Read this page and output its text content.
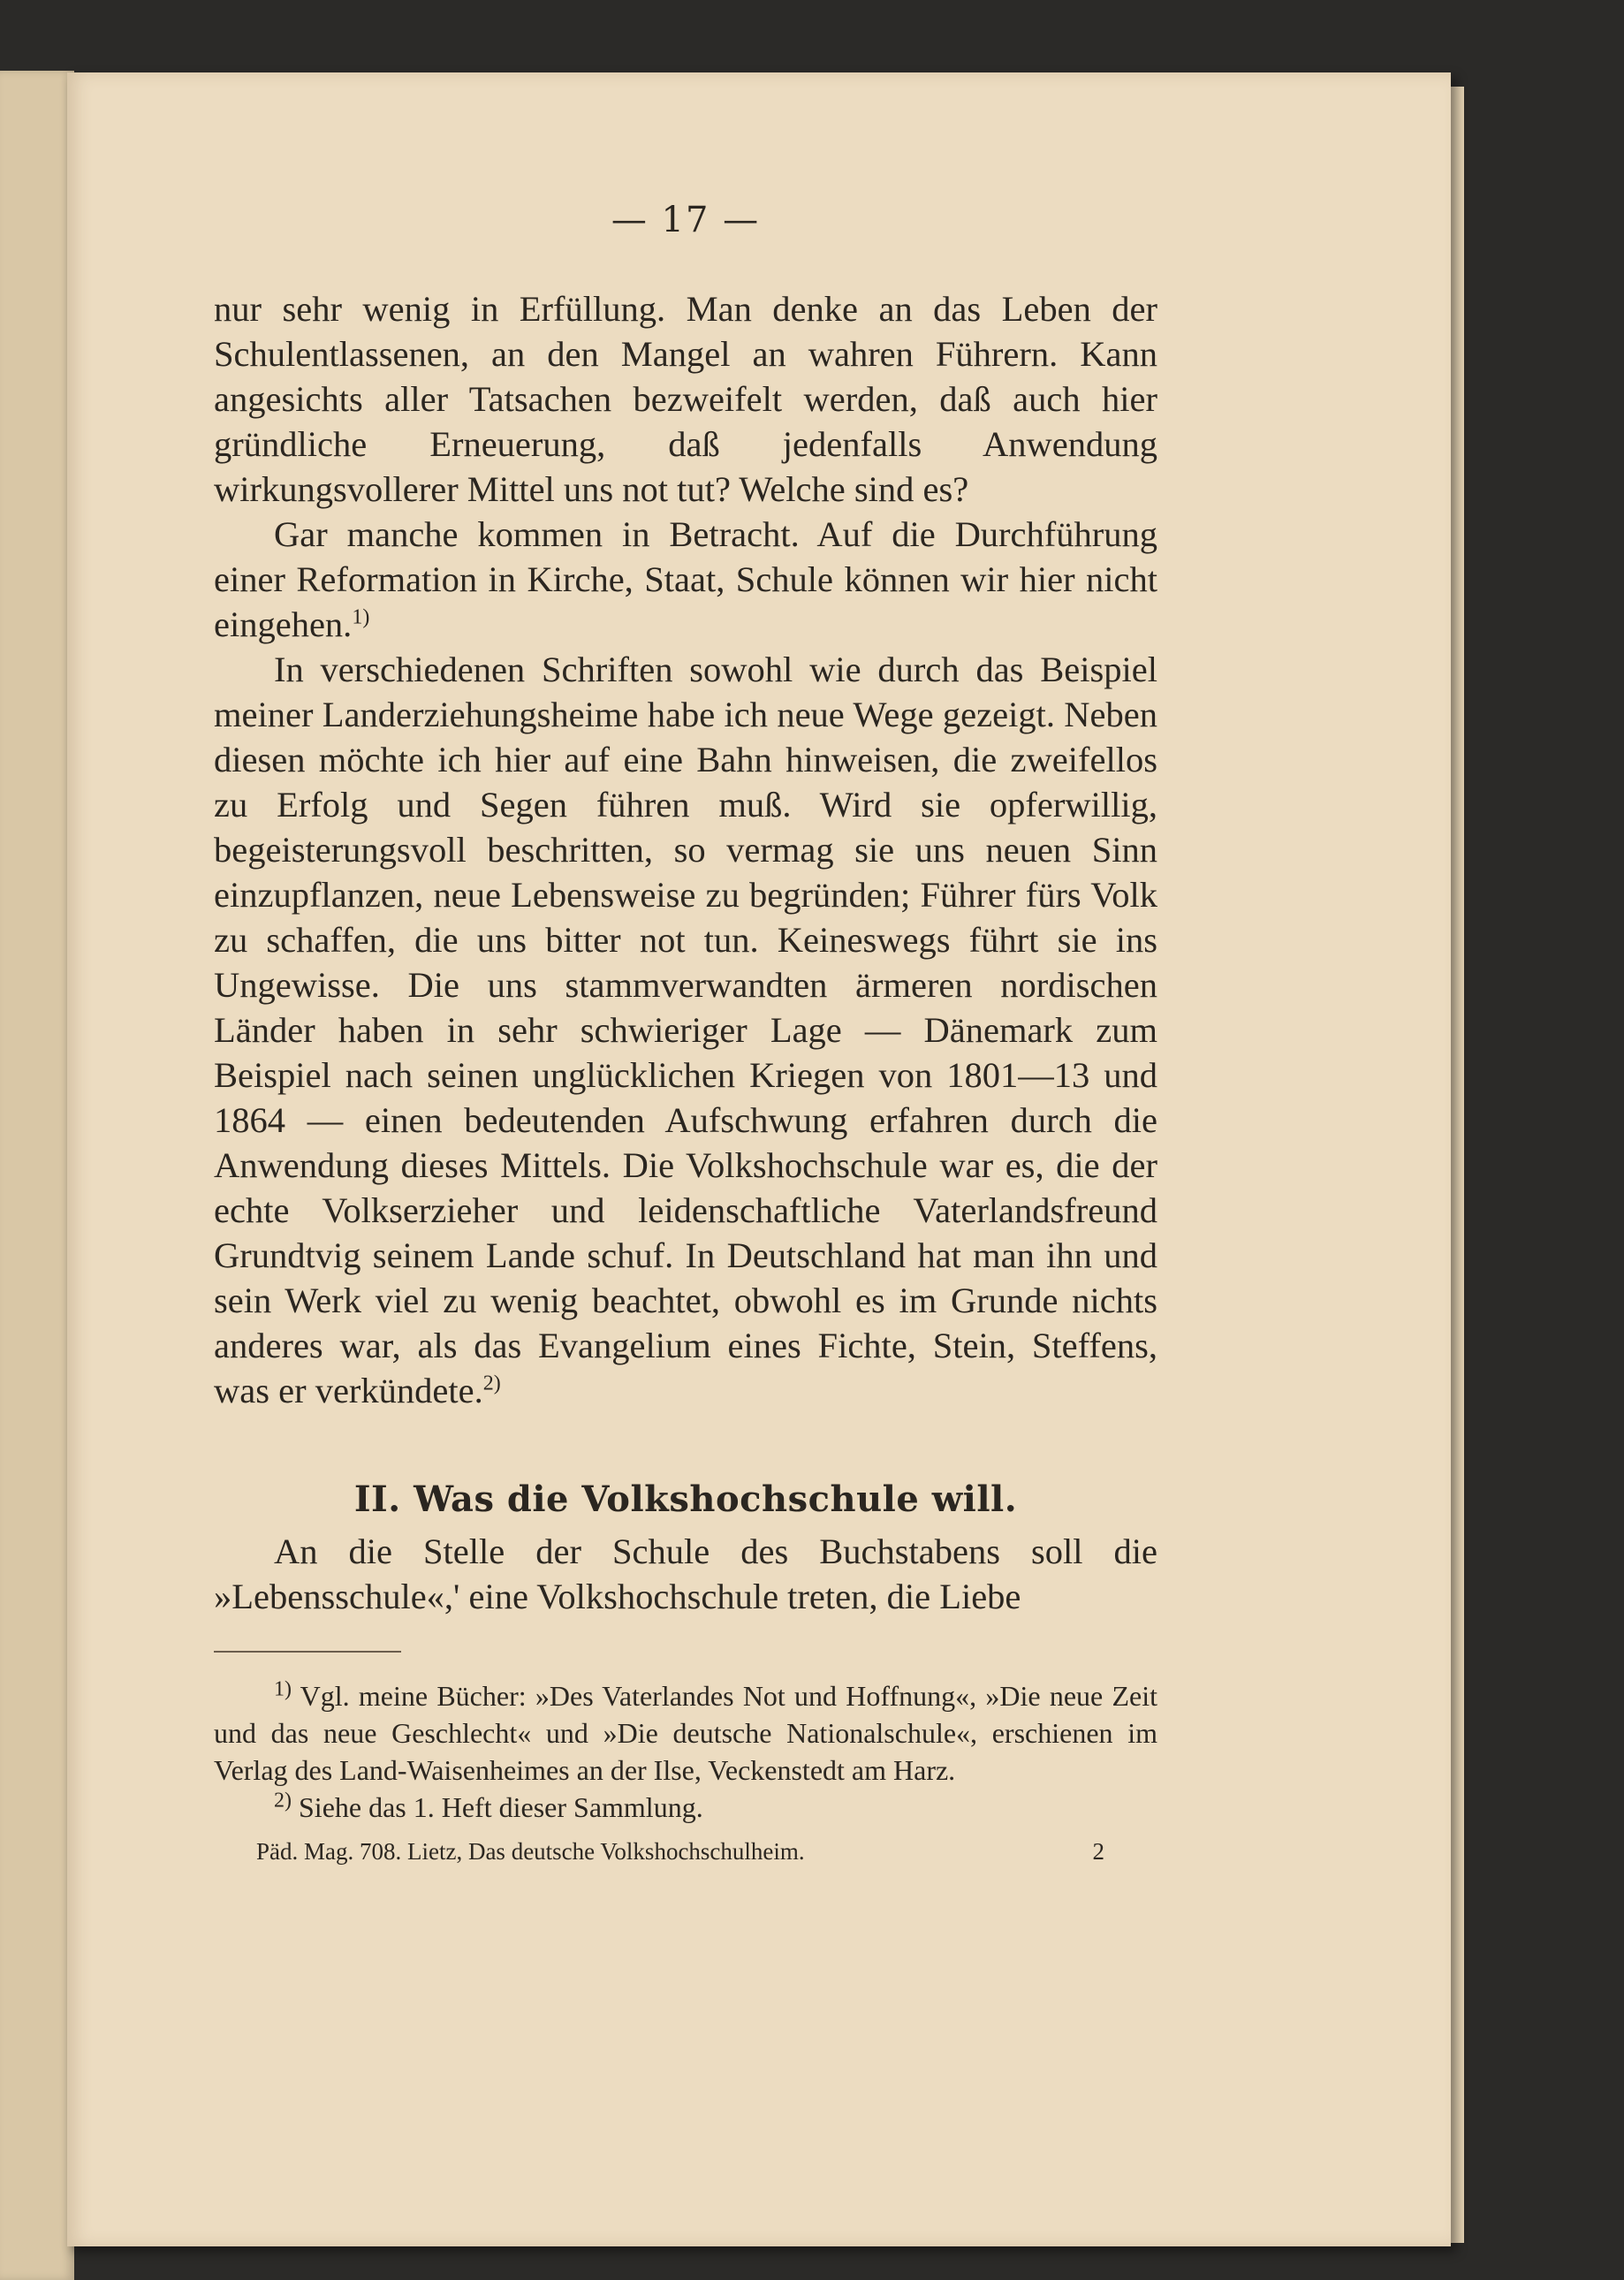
— 17 —

nur sehr wenig in Erfüllung. Man denke an das Leben der Schulentlassenen, an den Mangel an wahren Führern. Kann angesichts aller Tatsachen bezweifelt werden, daß auch hier gründliche Erneuerung, daß jedenfalls Anwendung wirkungsvollerer Mittel uns not tut? Welche sind es?

Gar manche kommen in Betracht. Auf die Durchführung einer Reformation in Kirche, Staat, Schule können wir hier nicht eingehen.$^{1)}$

In verschiedenen Schriften sowohl wie durch das Beispiel meiner Landerziehungsheime habe ich neue Wege gezeigt. Neben diesen möchte ich hier auf eine Bahn hinweisen, die zweifellos zu Erfolg und Segen führen muß. Wird sie opferwillig, begeisterungsvoll beschritten, so vermag sie uns neuen Sinn einzupflanzen, neue Lebensweise zu begründen; Führer fürs Volk zu schaffen, die uns bitter not tun. Keineswegs führt sie ins Ungewisse. Die uns stammverwandten ärmeren nordischen Länder haben in sehr schwieriger Lage — Dänemark zum Beispiel nach seinen unglücklichen Kriegen von 1801—13 und 1864 — einen bedeutenden Aufschwung erfahren durch die Anwendung dieses Mittels. Die Volkshochschule war es, die der echte Volkserzieher und leidenschaftliche Vaterlandsfreund Grundtvig seinem Lande schuf. In Deutschland hat man ihn und sein Werk viel zu wenig beachtet, obwohl es im Grunde nichts anderes war, als das Evangelium eines Fichte, Stein, Steffens, was er verkündete.$^{2)}$

II. Was die Volkshochschule will.

An die Stelle der Schule des Buchstabens soll die »Lebensschule«,' eine Volkshochschule treten, die Liebe

$^{1)}$ Vgl. meine Bücher: »Des Vaterlandes Not und Hoffnung«, »Die neue Zeit und das neue Geschlecht« und »Die deutsche Nationalschule«, erschienen im Verlag des Land-Waisenheimes an der Ilse, Veckenstedt am Harz.

$^{2)}$ Siehe das 1. Heft dieser Sammlung.

Päd. Mag. 708. Lietz, Das deutsche Volkshochschulheim.	2
